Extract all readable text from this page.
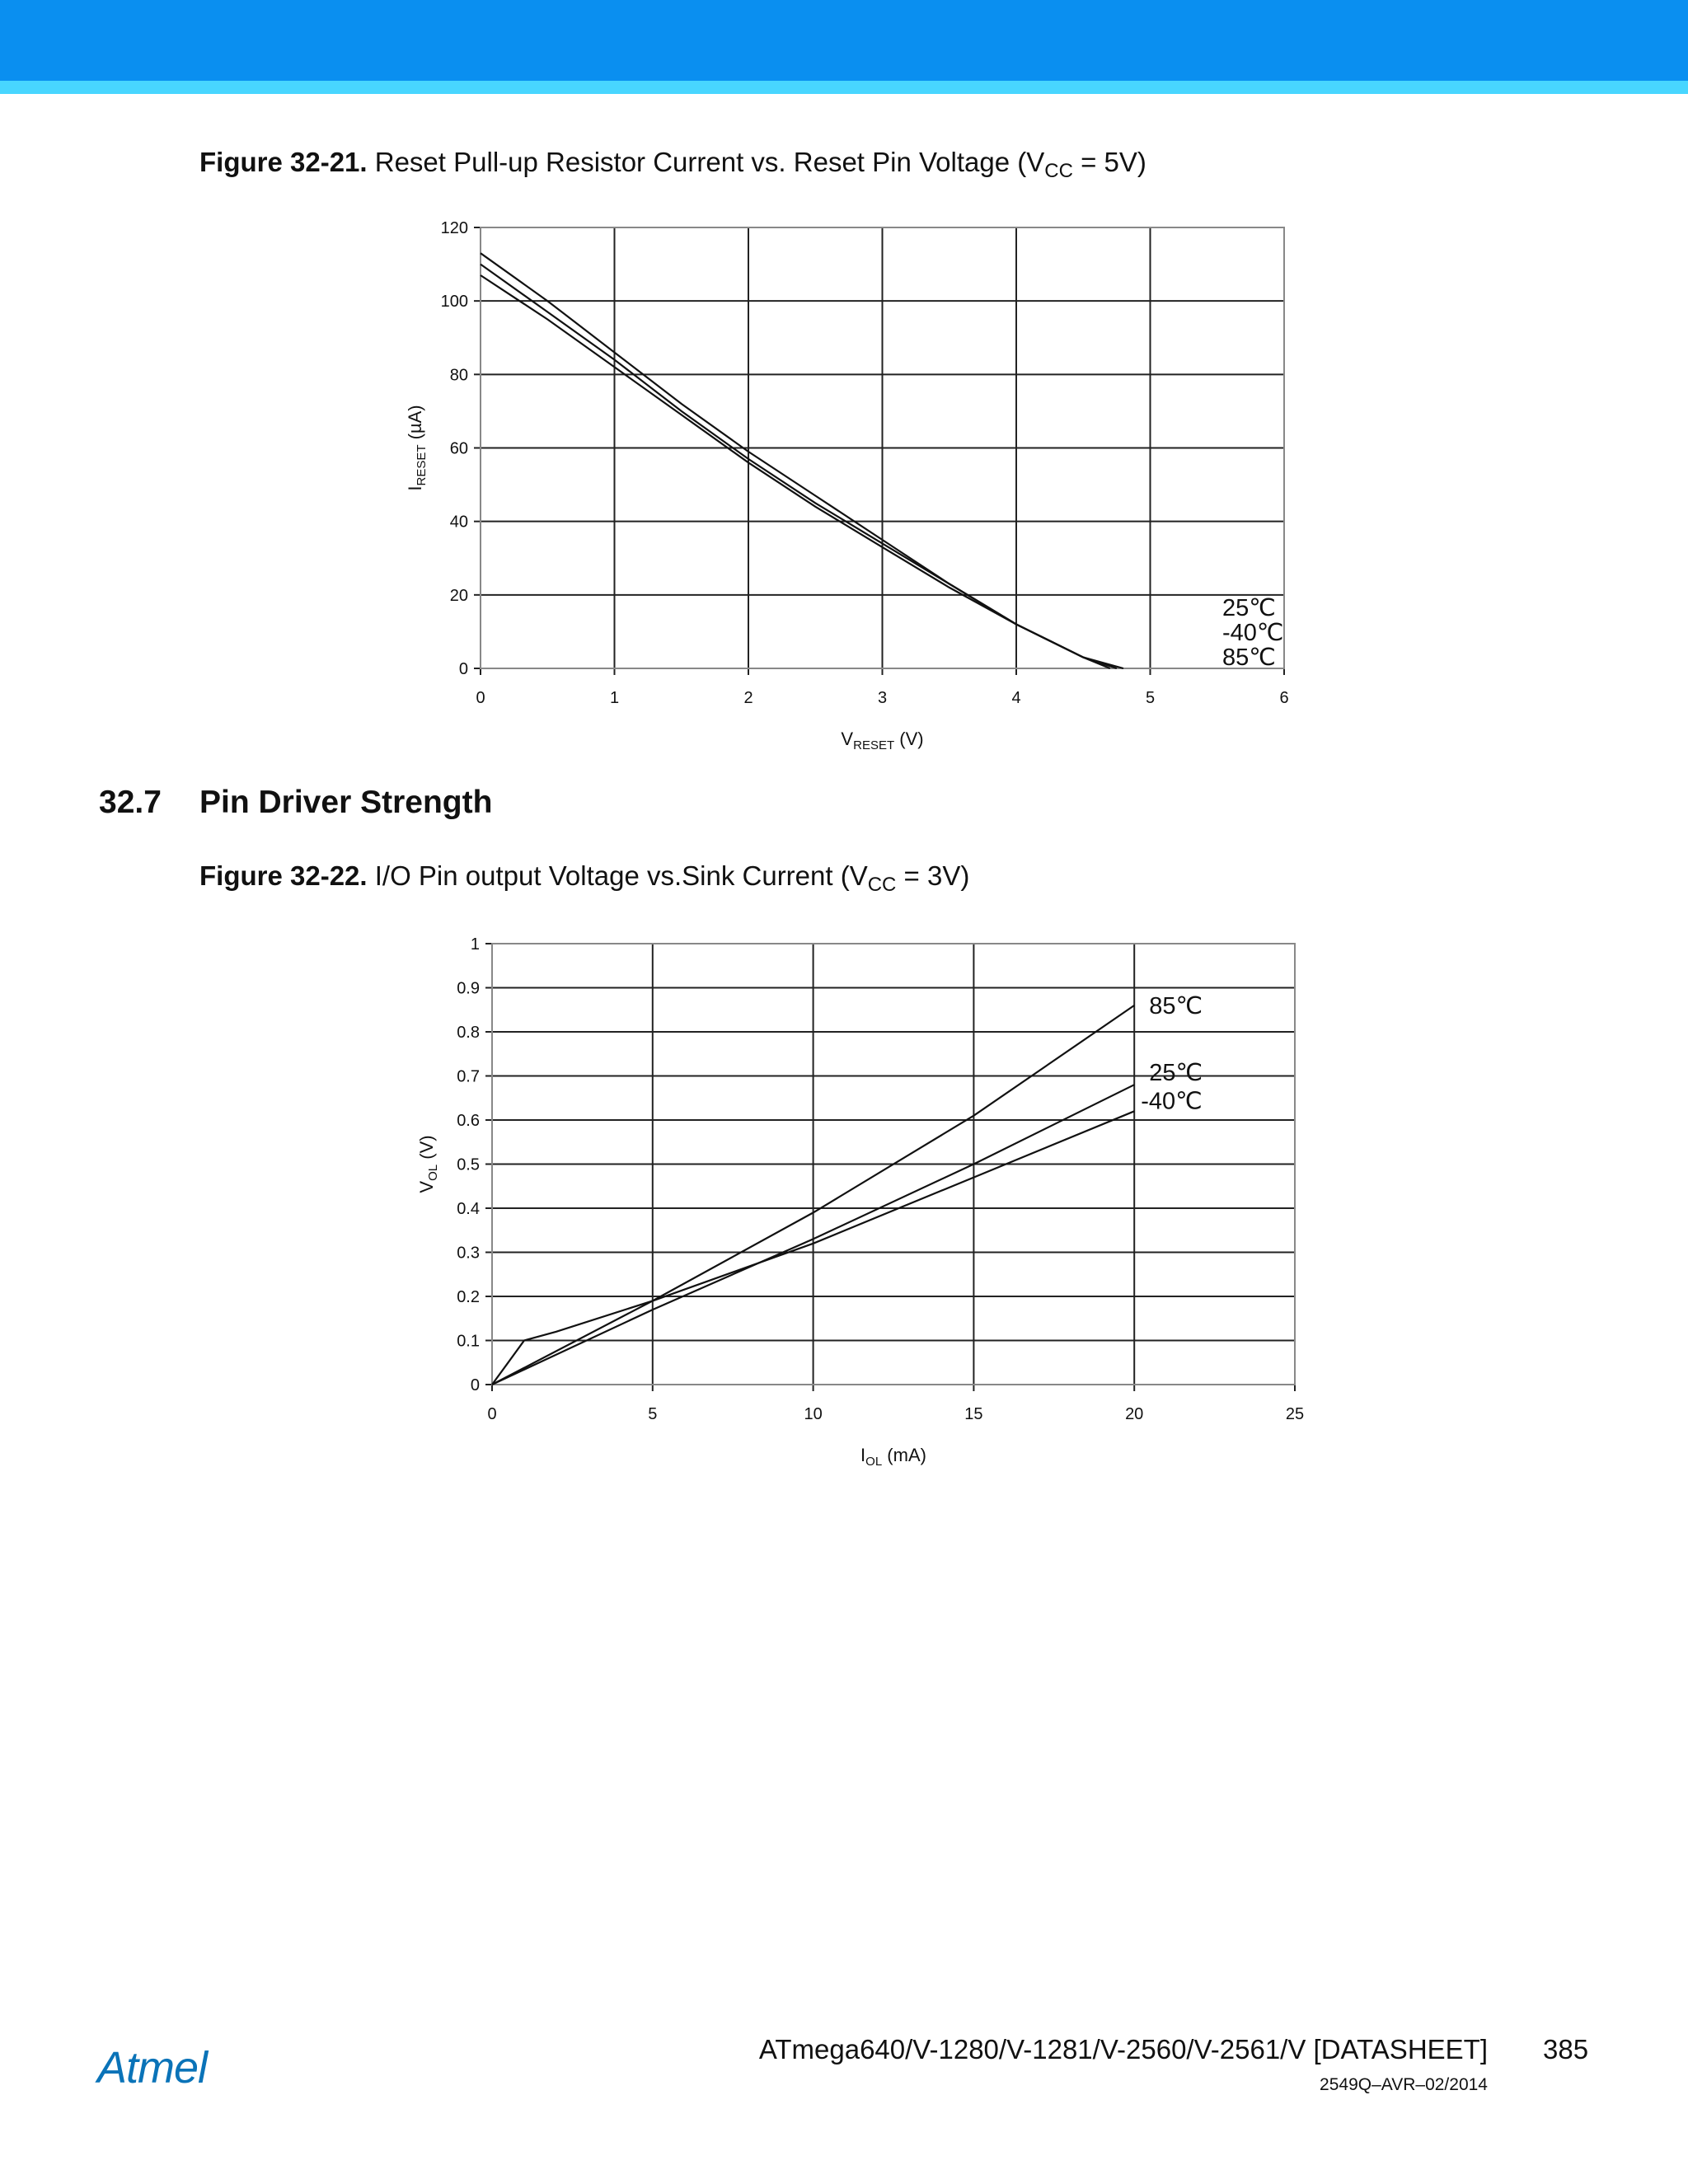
Figure 32-21. Reset Pull-up Resistor Current vs. Reset Pin Voltage $(V_{CC} = 5V)$
0
20
40
60
80
100
120
0	1	2	3	4	5	6
$V_{RESET}$ (V)
$I_{RESET}$ (µA)
25℃
-40℃
85℃
32.7 Pin Driver Strength
Figure 32-22. I/O Pin output Voltage vs.Sink Current $(V_{CC} = 3V)$
0
0.1
0.2
0.3
0.4
0.5
0.6
0.7
0.8
0.9
1
0	5	10	15	20	25
$I_{OL}$ (mA)
$V_{OL}$ (V)
85℃
25℃
-40℃
Atmel	ATmega640/V-1280/V-1281/V-2560/V-2561/V [DATASHEET] 385
2549Q–AVR–02/2014
